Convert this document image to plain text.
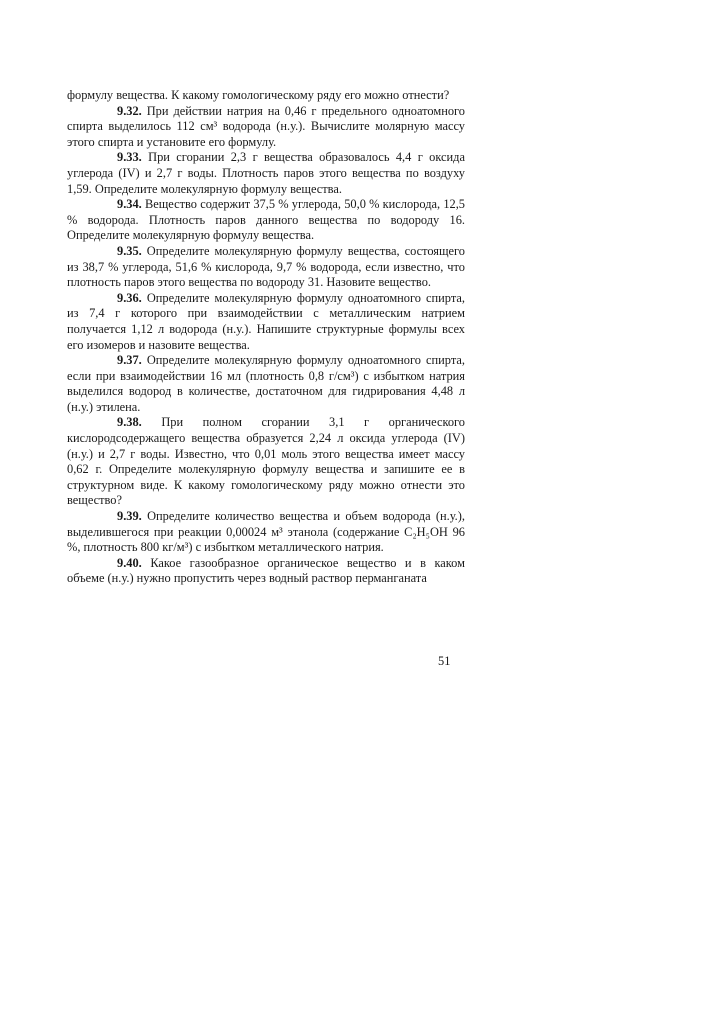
формулу вещества. К какому гомологическому ряду его можно отнести?

9.32. При действии натрия на 0,46 г предельного одноатомного спирта выделилось 112 см³ водорода (н.у.). Вычислите молярную массу этого спирта и установите его формулу.

9.33. При сгорании 2,3 г вещества образовалось 4,4 г оксида углерода (IV) и 2,7 г воды. Плотность паров этого вещества по воздуху 1,59. Определите молекулярную формулу вещества.

9.34. Вещество содержит 37,5 % углерода, 50,0 % кислорода, 12,5 % водорода. Плотность паров данного вещества по водороду 16. Определите молекулярную формулу вещества.

9.35. Определите молекулярную формулу вещества, состоящего из 38,7 % углерода, 51,6 % кислорода, 9,7 % водорода, если известно, что плотность паров этого вещества по водороду 31. Назовите вещество.

9.36. Определите молекулярную формулу одноатомного спирта, из 7,4 г которого при взаимодействии с металлическим натрием получается 1,12 л водорода (н.у.). Напишите структурные формулы всех его изомеров и назовите вещества.

9.37. Определите молекулярную формулу одноатомного спирта, если при взаимодействии 16 мл (плотность 0,8 г/см³) с избытком натрия выделился водород в количестве, достаточном для гидрирования 4,48 л (н.у.) этилена.

9.38. При полном сгорании 3,1 г органического кислородсодержащего вещества образуется 2,24 л оксида углерода (IV) (н.у.) и 2,7 г воды. Известно, что 0,01 моль этого вещества имеет массу 0,62 г. Определите молекулярную формулу вещества и запишите ее в структурном виде. К какому гомологическому ряду можно отнести это вещество?

9.39. Определите количество вещества и объем водорода (н.у.), выделившегося при реакции 0,00024 м³ этанола (содержание C₂H₅OH 96 %, плотность 800 кг/м³) с избытком металлического натрия.

9.40. Какое газообразное органическое вещество и в каком объеме (н.у.) нужно пропустить через водный раствор перманганата

51
